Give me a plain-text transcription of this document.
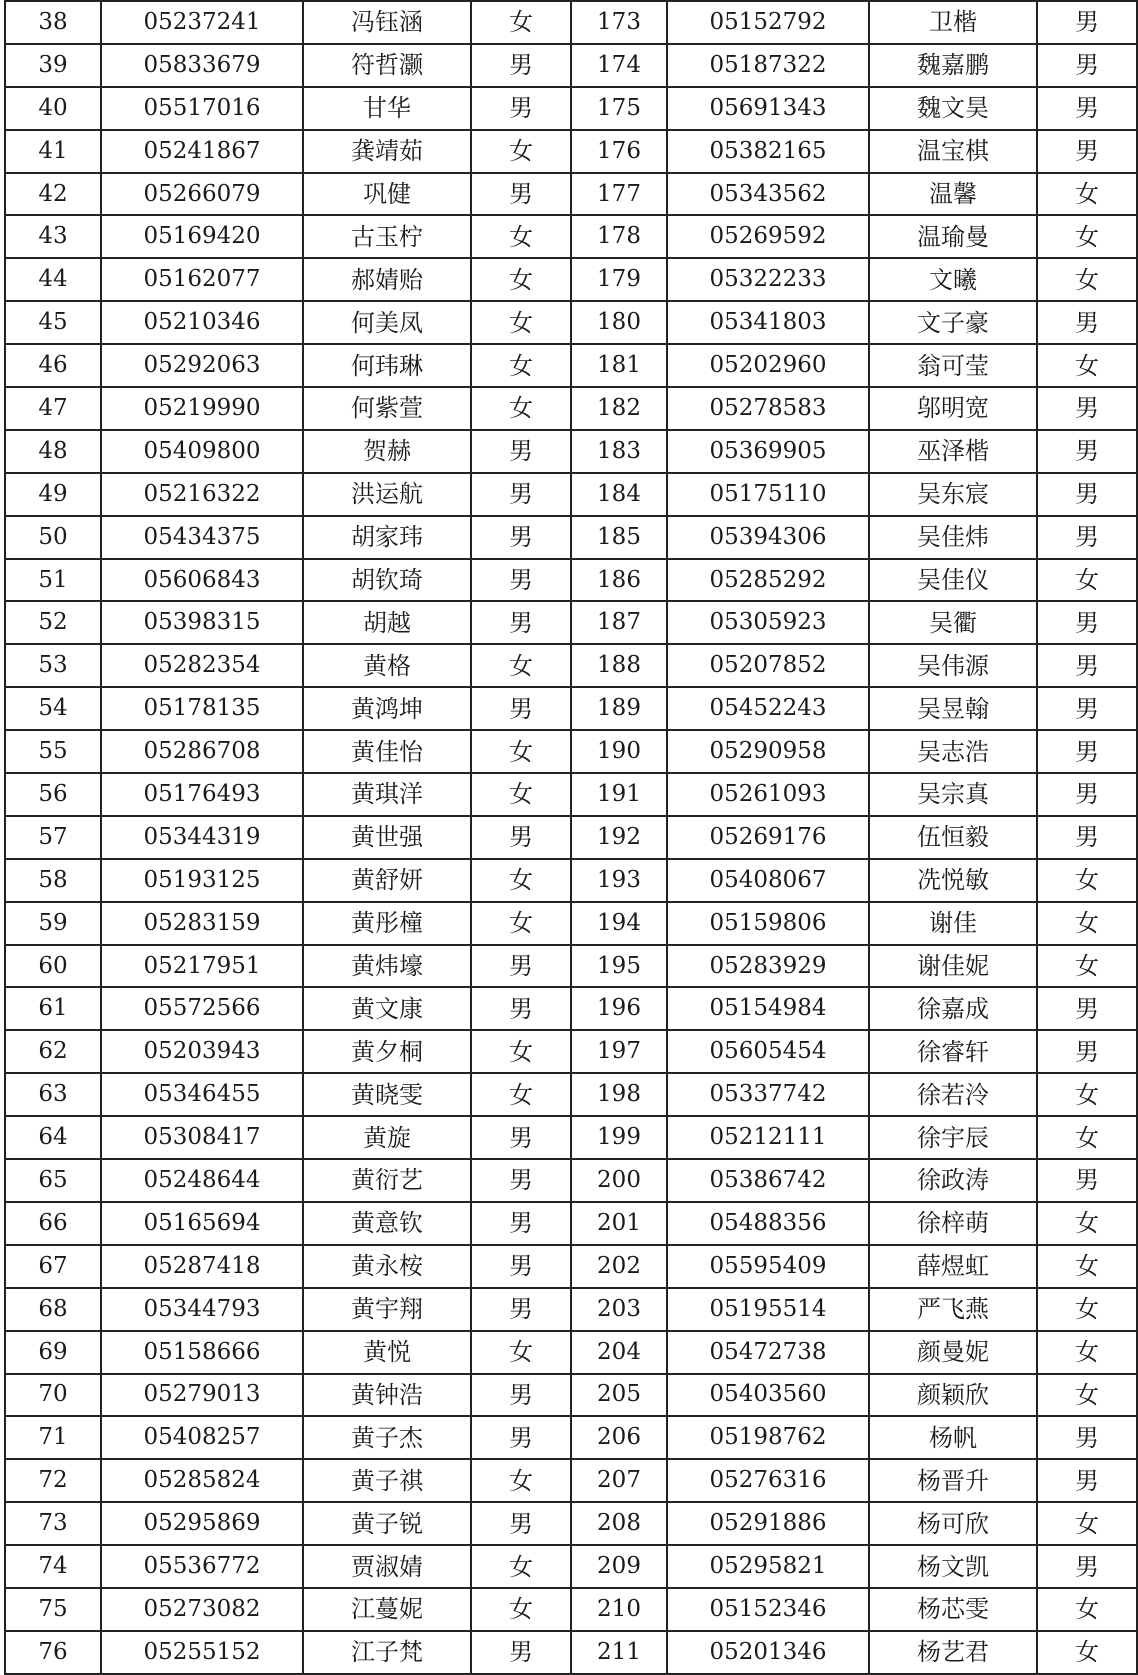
38	05237241	冯钰涵	女	173	05152792	卫楷	男
39	05833679	符哲灏	男	174	05187322	魏嘉鹏	男
40	05517016	甘华	男	175	05691343	魏文昊	男
41	05241867	龚靖茹	女	176	05382165	温宝棋	男
42	05266079	巩健	男	177	05343562	温馨	女
43	05169420	古玉柠	女	178	05269592	温瑜曼	女
44	05162077	郝婧贻	女	179	05322233	文曦	女
45	05210346	何美凤	女	180	05341803	文子豪	男
46	05292063	何玮琳	女	181	05202960	翁可莹	女
47	05219990	何紫萱	女	182	05278583	邬明宽	男
48	05409800	贺赫	男	183	05369905	巫泽楷	男
49	05216322	洪运航	男	184	05175110	吴东宸	男
50	05434375	胡家玮	男	185	05394306	吴佳炜	男
51	05606843	胡钦琦	男	186	05285292	吴佳仪	女
52	05398315	胡越	男	187	05305923	吴衢	男
53	05282354	黄格	女	188	05207852	吴伟源	男
54	05178135	黄鸿坤	男	189	05452243	吴昱翰	男
55	05286708	黄佳怡	女	190	05290958	吴志浩	男
56	05176493	黄琪洋	女	191	05261093	吴宗真	男
57	05344319	黄世强	男	192	05269176	伍恒毅	男
58	05193125	黄舒妍	女	193	05408067	冼悦敏	女
59	05283159	黄彤橦	女	194	05159806	谢佳	女
60	05217951	黄炜壕	男	195	05283929	谢佳妮	女
61	05572566	黄文康	男	196	05154984	徐嘉成	男
62	05203943	黄夕桐	女	197	05605454	徐睿轩	男
63	05346455	黄晓雯	女	198	05337742	徐若泠	女
64	05308417	黄旋	男	199	05212111	徐宇辰	女
65	05248644	黄衍艺	男	200	05386742	徐政涛	男
66	05165694	黄意钦	男	201	05488356	徐梓萌	女
67	05287418	黄永桉	男	202	05595409	薛煜虹	女
68	05344793	黄宇翔	男	203	05195514	严飞燕	女
69	05158666	黄悦	女	204	05472738	颜曼妮	女
70	05279013	黄钟浩	男	205	05403560	颜颖欣	女
71	05408257	黄子杰	男	206	05198762	杨帆	男
72	05285824	黄子祺	女	207	05276316	杨晋升	男
73	05295869	黄子锐	男	208	05291886	杨可欣	女
74	05536772	贾淑婧	女	209	05295821	杨文凯	男
75	05273082	江蔓妮	女	210	05152346	杨芯雯	女
76	05255152	江子梵	男	211	05201346	杨艺君	女
